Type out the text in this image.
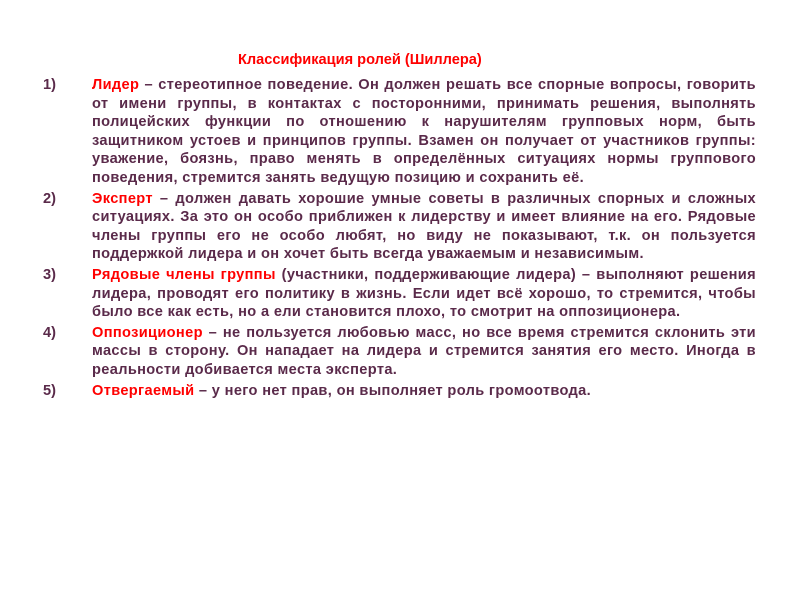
Классификация ролей (Шиллера)
1)	Лидер – стереотипное поведение. Он должен решать все спорные вопросы, говорить от имени группы, в контактах с посторонними, принимать решения, выполнять полицейских функции по отношению к нарушителям групповых норм, быть защитником устоев и принципов группы. Взамен он получает от участников группы: уважение, боязнь, право менять в определённых ситуациях нормы группового поведения, стремится занять ведущую позицию и сохранить её.
2)	Эксперт – должен давать хорошие умные советы в различных спорных и сложных ситуациях. За это он особо приближен к лидерству и имеет влияние на его. Рядовые члены группы его не особо любят, но виду не показывают, т.к. он пользуется поддержкой лидера и он хочет быть всегда уважаемым и независимым.
3)	Рядовые члены группы (участники, поддерживающие лидера) – выполняют решения лидера, проводят его политику в жизнь. Если идет всё хорошо, то стремится, чтобы было все как есть, но а ели становится плохо, то смотрит на оппозиционера.
4)	Оппозиционер – не пользуется любовью масс, но все время стремится склонить эти массы в сторону. Он нападает на лидера и стремится занятия его место. Иногда в реальности добивается места эксперта.
5)	Отвергаемый – у него нет прав, он выполняет роль громоотвода.
